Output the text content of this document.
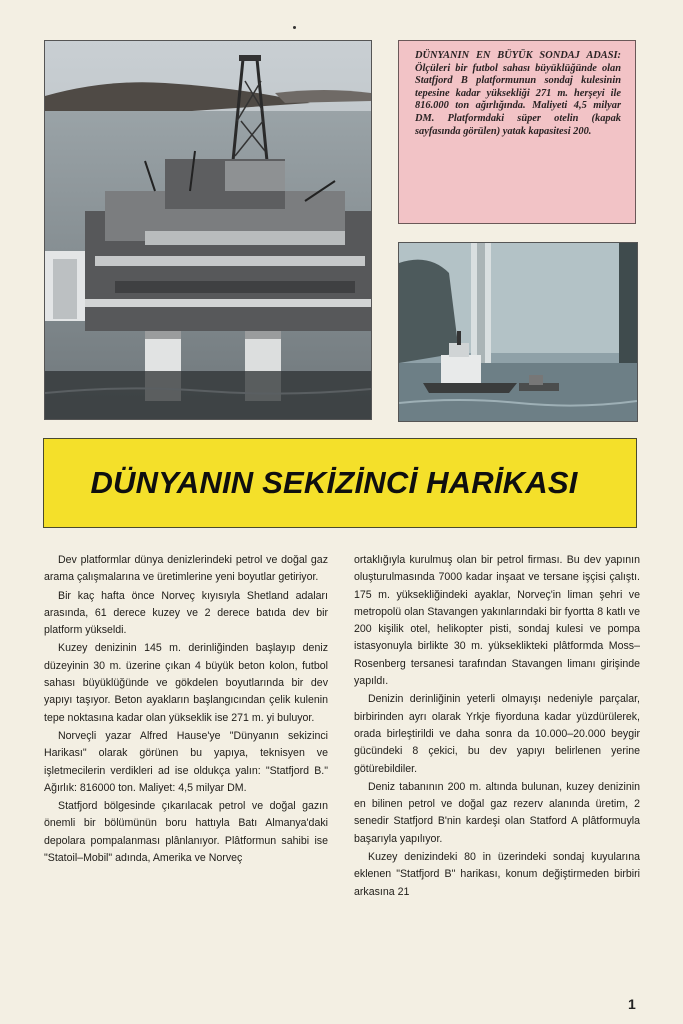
DÜNYANIN EN BÜYÜK SONDAJ ADASI: Ölçüleri bir futbol sahası büyüklüğünde olan Statfjord B platformunun sondaj kulesinin tepesine kadar yüksekliği 271 m. herşeyi ile 816.000 ton ağırlığında. Maliyeti 4,5 milyar DM. Platformdaki süper otelin (kapak sayfasında görülen) yatak kapasitesi 200.

DÜNYANIN SEKİZİNCİ HARİKASI

Dev platformlar dünya denizlerindeki petrol ve doğal gaz arama çalışmalarına ve üretimlerine yeni boyutlar getiriyor.

Bir kaç hafta önce Norveç kıyısıyla Shetland adaları arasında, 61 derece kuzey ve 2 derece batıda dev bir platform yükseldi.

Kuzey denizinin 145 m. derinliğinden başlayıp deniz düzeyinin 30 m. üzerine çıkan 4 büyük beton kolon, futbol sahası büyüklüğünde ve gökdelen boyutlarında bir dev yapıyı taşıyor. Beton ayakların başlangıcından çelik kulenin tepe noktasına kadar olan yükseklik ise 271 m. yi buluyor.

Norveçli yazar Alfred Hause'ye "Dünyanın sekizinci Harikası" olarak görünen bu yapıya, teknisyen ve işletmecilerin verdikleri ad ise oldukça yalın: "Statfjord B." Ağırlık: 816000 ton. Maliyet: 4,5 milyar DM.

Statfjord bölgesinde çıkarılacak petrol ve doğal gazın önemli bir bölümünün boru hattıyla Batı Almanya'daki depolara pompalanması plânlanıyor. Plâtformun sahibi ise "Statoil–Mobil" adında, Amerika ve Norveç

ortaklığıyla kurulmuş olan bir petrol firması. Bu dev yapının oluşturulmasında 7000 kadar inşaat ve tersane işçisi çalıştı. 175 m. yüksekliğindeki ayaklar, Norveç'in liman şehri ve metropolü olan Stavangen yakınlarındaki bir fyortta 8 katlı ve 200 kişilik otel, helikopter pisti, sondaj kulesi ve pompa istasyonuyla birlikte 30 m. yükseklikteki plâtformda Moss–Rosenberg tersanesi tarafından Stavangen limanı girişinde yapıldı.

Denizin derinliğinin yeterli olmayışı nedeniyle parçalar, birbirinden ayrı olarak Yrkje fiyorduna kadar yüzdürülerek, orada birleştirildi ve daha sonra da 10.000–20.000 beygir gücündeki 8 çekici, bu dev yapıyı belirlenen yerine götürebildiler.

Deniz tabanının 200 m. altında bulunan, kuzey denizinin en bilinen petrol ve doğal gaz rezerv alanında üretim, 2 senedir Statfjord B'nin kardeşi olan Statford A plâtformuyla başarıyla yapılıyor.

Kuzey denizindeki 80 in üzerindeki sondaj kuyularına eklenen "Statfjord B" harikası, konum değiştirmeden birbiri arkasına 21

1
